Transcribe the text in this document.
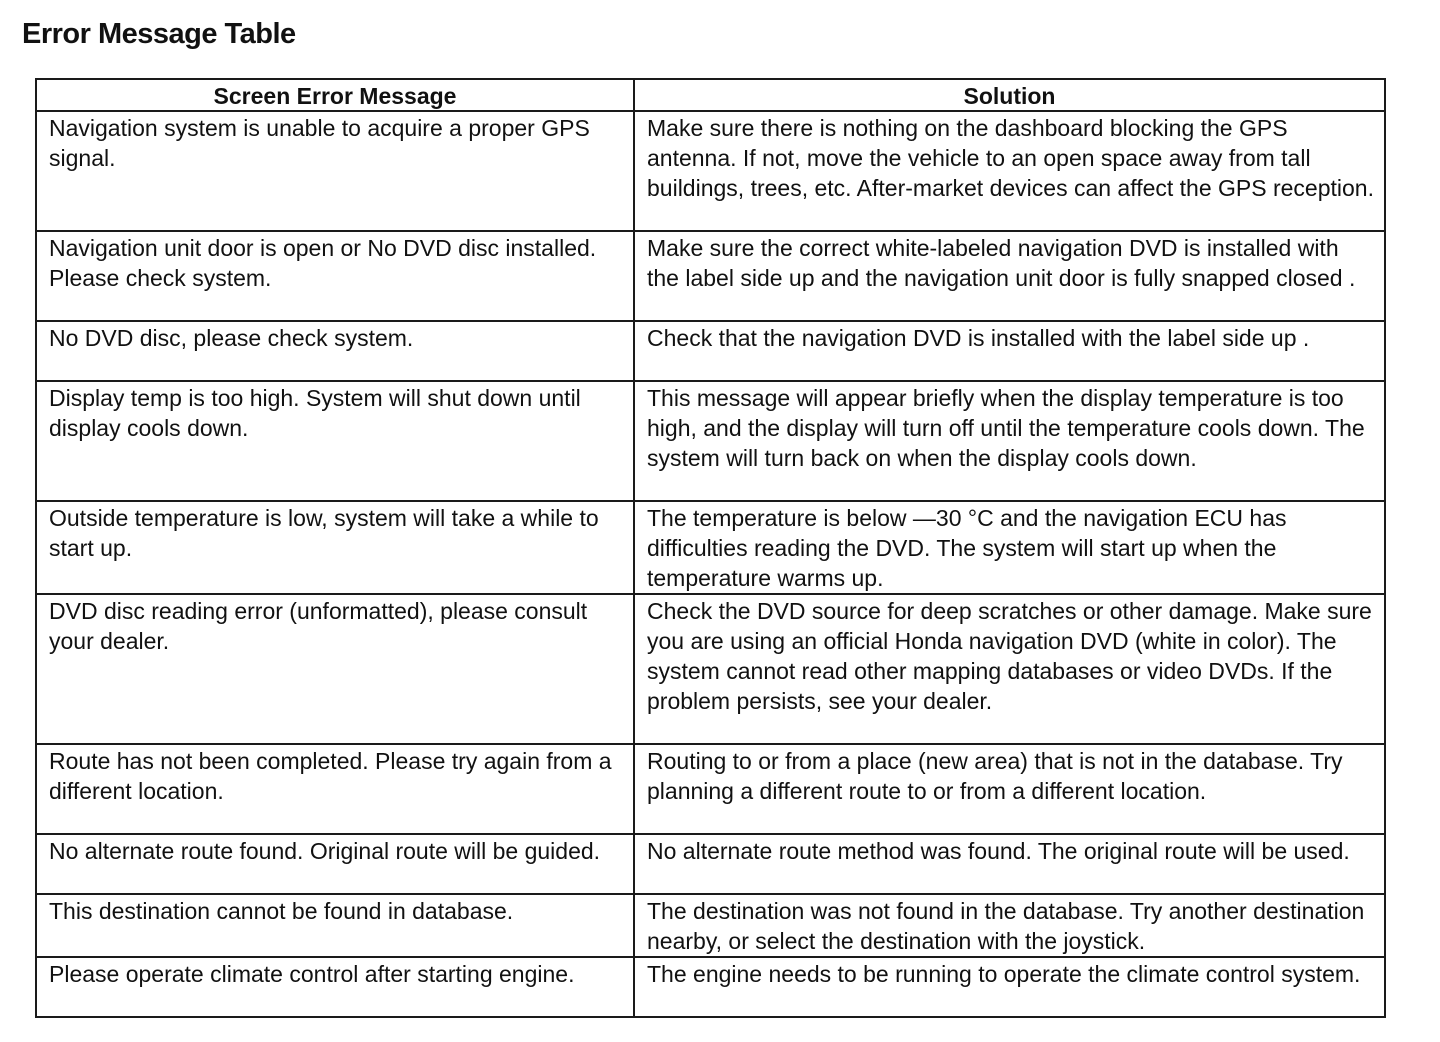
Error Message Table
Screen Error Message	Solution
Navigation system is unable to acquire a proper GPS signal.	Make sure there is nothing on the dashboard blocking the GPS antenna. If not, move the vehicle to an open space away from tall buildings, trees, etc. After-market devices can affect the GPS reception.
Navigation unit door is open or No DVD disc installed. Please check system.	Make sure the correct white-labeled navigation DVD is installed with the label side up and the navigation unit door is fully snapped closed .
No DVD disc, please check system.	Check that the navigation DVD is installed with the label side up .
Display temp is too high. System will shut down until display cools down.	This message will appear briefly when the display temperature is too high, and the display will turn off until the temperature cools down. The system will turn back on when the display cools down.
Outside temperature is low, system will take a while to start up.	The temperature is below —30 °C and the navigation ECU has difficulties reading the DVD. The system will start up when the temperature warms up.
DVD disc reading error (unformatted), please consult your dealer.	Check the DVD source for deep scratches or other damage. Make sure you are using an official Honda navigation DVD (white in color). The system cannot read other mapping databases or video DVDs. If the problem persists, see your dealer.
Route has not been completed. Please try again from a different location.	Routing to or from a place (new area) that is not in the database. Try planning a different route to or from a different location.
No alternate route found. Original route will be guided.	No alternate route method was found. The original route will be used.
This destination cannot be found in database.	The destination was not found in the database. Try another destination nearby, or select the destination with the joystick.
Please operate climate control after starting engine.	The engine needs to be running to operate the climate control system.
